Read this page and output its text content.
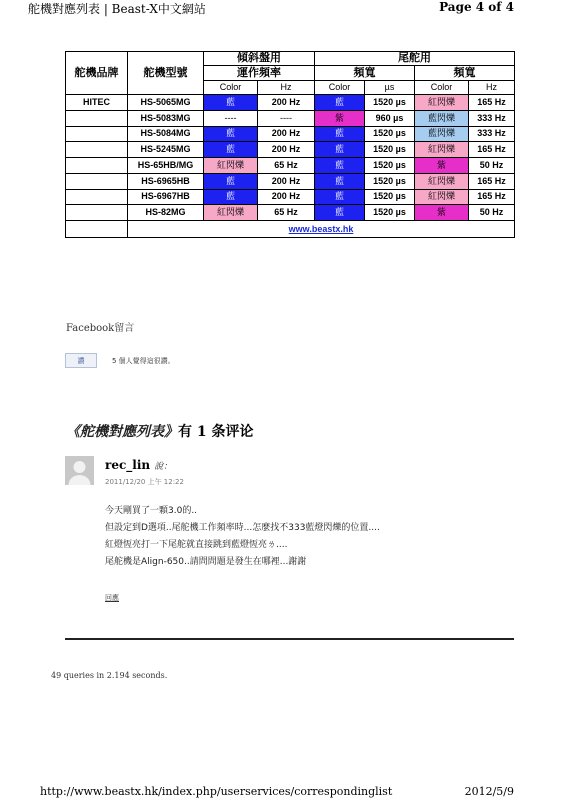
舵機對應列表 | Beast-X中文網站	Page 4 of 4
舵機品牌	舵機型號	傾斜盤用		尾舵用			
		運作頻率		頻寬		頻寬	
		Color	Hz	Color	µs	Color	Hz
HITEC	HS-5065MG	藍	200 Hz	藍	1520 µs	紅閃爍	165 Hz
	HS-5083MG	----	----	紫	960 µs	藍閃爍	333 Hz
	HS-5084MG	藍	200 Hz	藍	1520 µs	藍閃爍	333 Hz
	HS-5245MG	藍	200 Hz	藍	1520 µs	紅閃爍	165 Hz
	HS-65HB/MG	紅閃爍	65 Hz	藍	1520 µs	紫	50 Hz
	HS-6965HB	藍	200 Hz	藍	1520 µs	紅閃爍	165 Hz
	HS-6967HB	藍	200 Hz	藍	1520 µs	紅閃爍	165 Hz
	HS-82MG	紅閃爍	65 Hz	藍	1520 µs	紫	50 Hz
	www.beastx.hk						
Facebook留言
讚	5 個人覺得這很讚。
《舵機對應列表》有 1 条评论
rec_lin 說：
2011/12/20 上午 12:22
今天剛買了一顆3.0的..
但設定到D選項..尾舵機工作頻率時...怎麼找不333藍燈閃爍的位置....
紅燈恆亮打一下尾舵就直接跳到藍燈恆亮ㄌ....
尾舵機是Align-650..請問問題是發生在哪裡...謝謝
回應
49 queries in 2.194 seconds.
http://www.beastx.hk/index.php/userservices/correspondinglist	2012/5/9
